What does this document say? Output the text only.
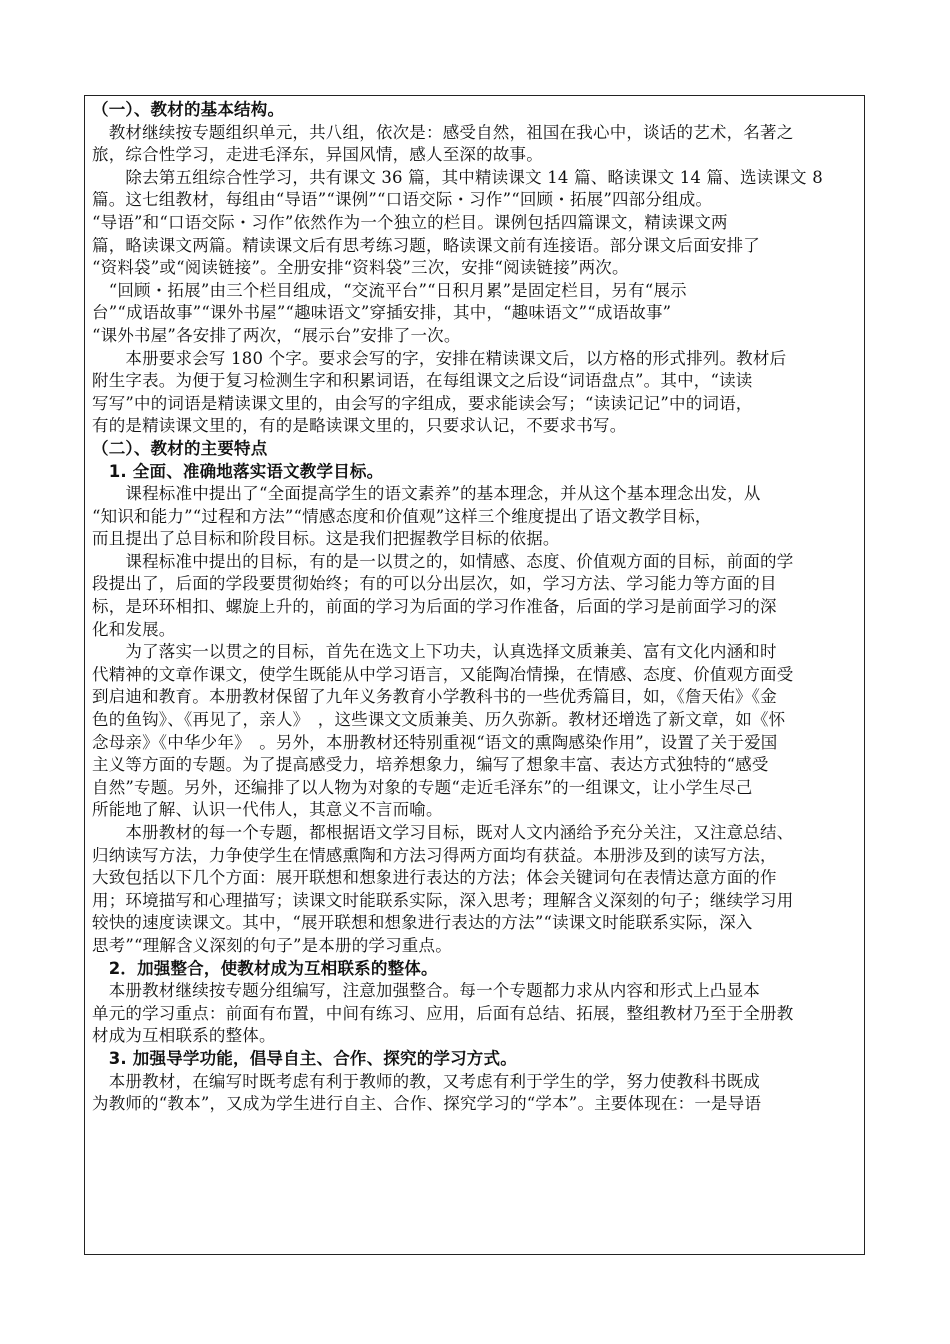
（一）、教材的基本结构。
　教材继续按专题组织单元，共八组，依次是：感受自然，祖国在我心中，谈话的艺术，名著之
旅，综合性学习，走进毛泽东，异国风情，感人至深的故事。
　　除去第五组综合性学习，共有课文 36 篇，其中精读课文 14 篇、略读课文 14 篇、选读课文 8
篇。这七组教材，每组由“导语”“课例”“口语交际・习作”“回顾・拓展”四部分组成。
“导语”和“口语交际・习作”依然作为一个独立的栏目。课例包括四篇课文，精读课文两
篇，略读课文两篇。精读课文后有思考练习题，略读课文前有连接语。部分课文后面安排了
“资料袋”或“阅读链接”。全册安排“资料袋”三次，安排“阅读链接”两次。
　“回顾・拓展”由三个栏目组成，“交流平台”“日积月累”是固定栏目，另有“展示
台”“成语故事”“课外书屋”“趣味语文”穿插安排，其中，“趣味语文”“成语故事”
“课外书屋”各安排了两次，“展示台”安排了一次。
　　本册要求会写 180 个字。要求会写的字，安排在精读课文后，以方格的形式排列。教材后
附生字表。为便于复习检测生字和积累词语，在每组课文之后设“词语盘点”。其中，“读读
写写”中的词语是精读课文里的，由会写的字组成，要求能读会写；“读读记记”中的词语，
有的是精读课文里的，有的是略读课文里的，只要求认记，不要求书写。
（二）、教材的主要特点
　1. 全面、准确地落实语文教学目标。
　　课程标准中提出了“全面提高学生的语文素养”的基本理念，并从这个基本理念出发，从
“知识和能力”“过程和方法”“情感态度和价值观”这样三个维度提出了语文教学目标，
而且提出了总目标和阶段目标。这是我们把握教学目标的依据。
　　课程标准中提出的目标，有的是一以贯之的，如情感、态度、价值观方面的目标，前面的学
段提出了，后面的学段要贯彻始终；有的可以分出层次，如，学习方法、学习能力等方面的目
标，是环环相扣、螺旋上升的，前面的学习为后面的学习作准备，后面的学习是前面学习的深
化和发展。
　　为了落实一以贯之的目标，首先在选文上下功夫，认真选择文质兼美、富有文化内涵和时
代精神的文章作课文，使学生既能从中学习语言，又能陶冶情操，在情感、态度、价值观方面受
到启迪和教育。本册教材保留了九年义务教育小学教科书的一些优秀篇目，如，《詹天佑》《金
色的鱼钩》、《再见了，亲人》　，这些课文文质兼美、历久弥新。教材还增选了新文章，如《怀
念母亲》《中华少年》　。另外，本册教材还特别重视“语文的熏陶感染作用”，设置了关于爱国
主义等方面的专题。为了提高感受力，培养想象力，编写了想象丰富、表达方式独特的“感受
自然”专题。另外，还编排了以人物为对象的专题“走近毛泽东”的一组课文，让小学生尽己
所能地了解、认识一代伟人，其意义不言而喻。
　　本册教材的每一个专题，都根据语文学习目标，既对人文内涵给予充分关注，又注意总结、
归纳读写方法，力争使学生在情感熏陶和方法习得两方面均有获益。本册涉及到的读写方法，
大致包括以下几个方面：展开联想和想象进行表达的方法；体会关键词句在表情达意方面的作
用；环境描写和心理描写；读课文时能联系实际，深入思考；理解含义深刻的句子；继续学习用
较快的速度读课文。其中，“展开联想和想象进行表达的方法”“读课文时能联系实际，深入
思考”“理解含义深刻的句子”是本册的学习重点。
　2．加强整合，使教材成为互相联系的整体。
　本册教材继续按专题分组编写，注意加强整合。每一个专题都力求从内容和形式上凸显本
单元的学习重点：前面有布置，中间有练习、应用，后面有总结、拓展，整组教材乃至于全册教
材成为互相联系的整体。
　3. 加强导学功能，倡导自主、合作、探究的学习方式。
　本册教材，在编写时既考虑有利于教师的教，又考虑有利于学生的学，努力使教科书既成
为教师的“教本”，又成为学生进行自主、合作、探究学习的“学本”。主要体现在：一是导语
